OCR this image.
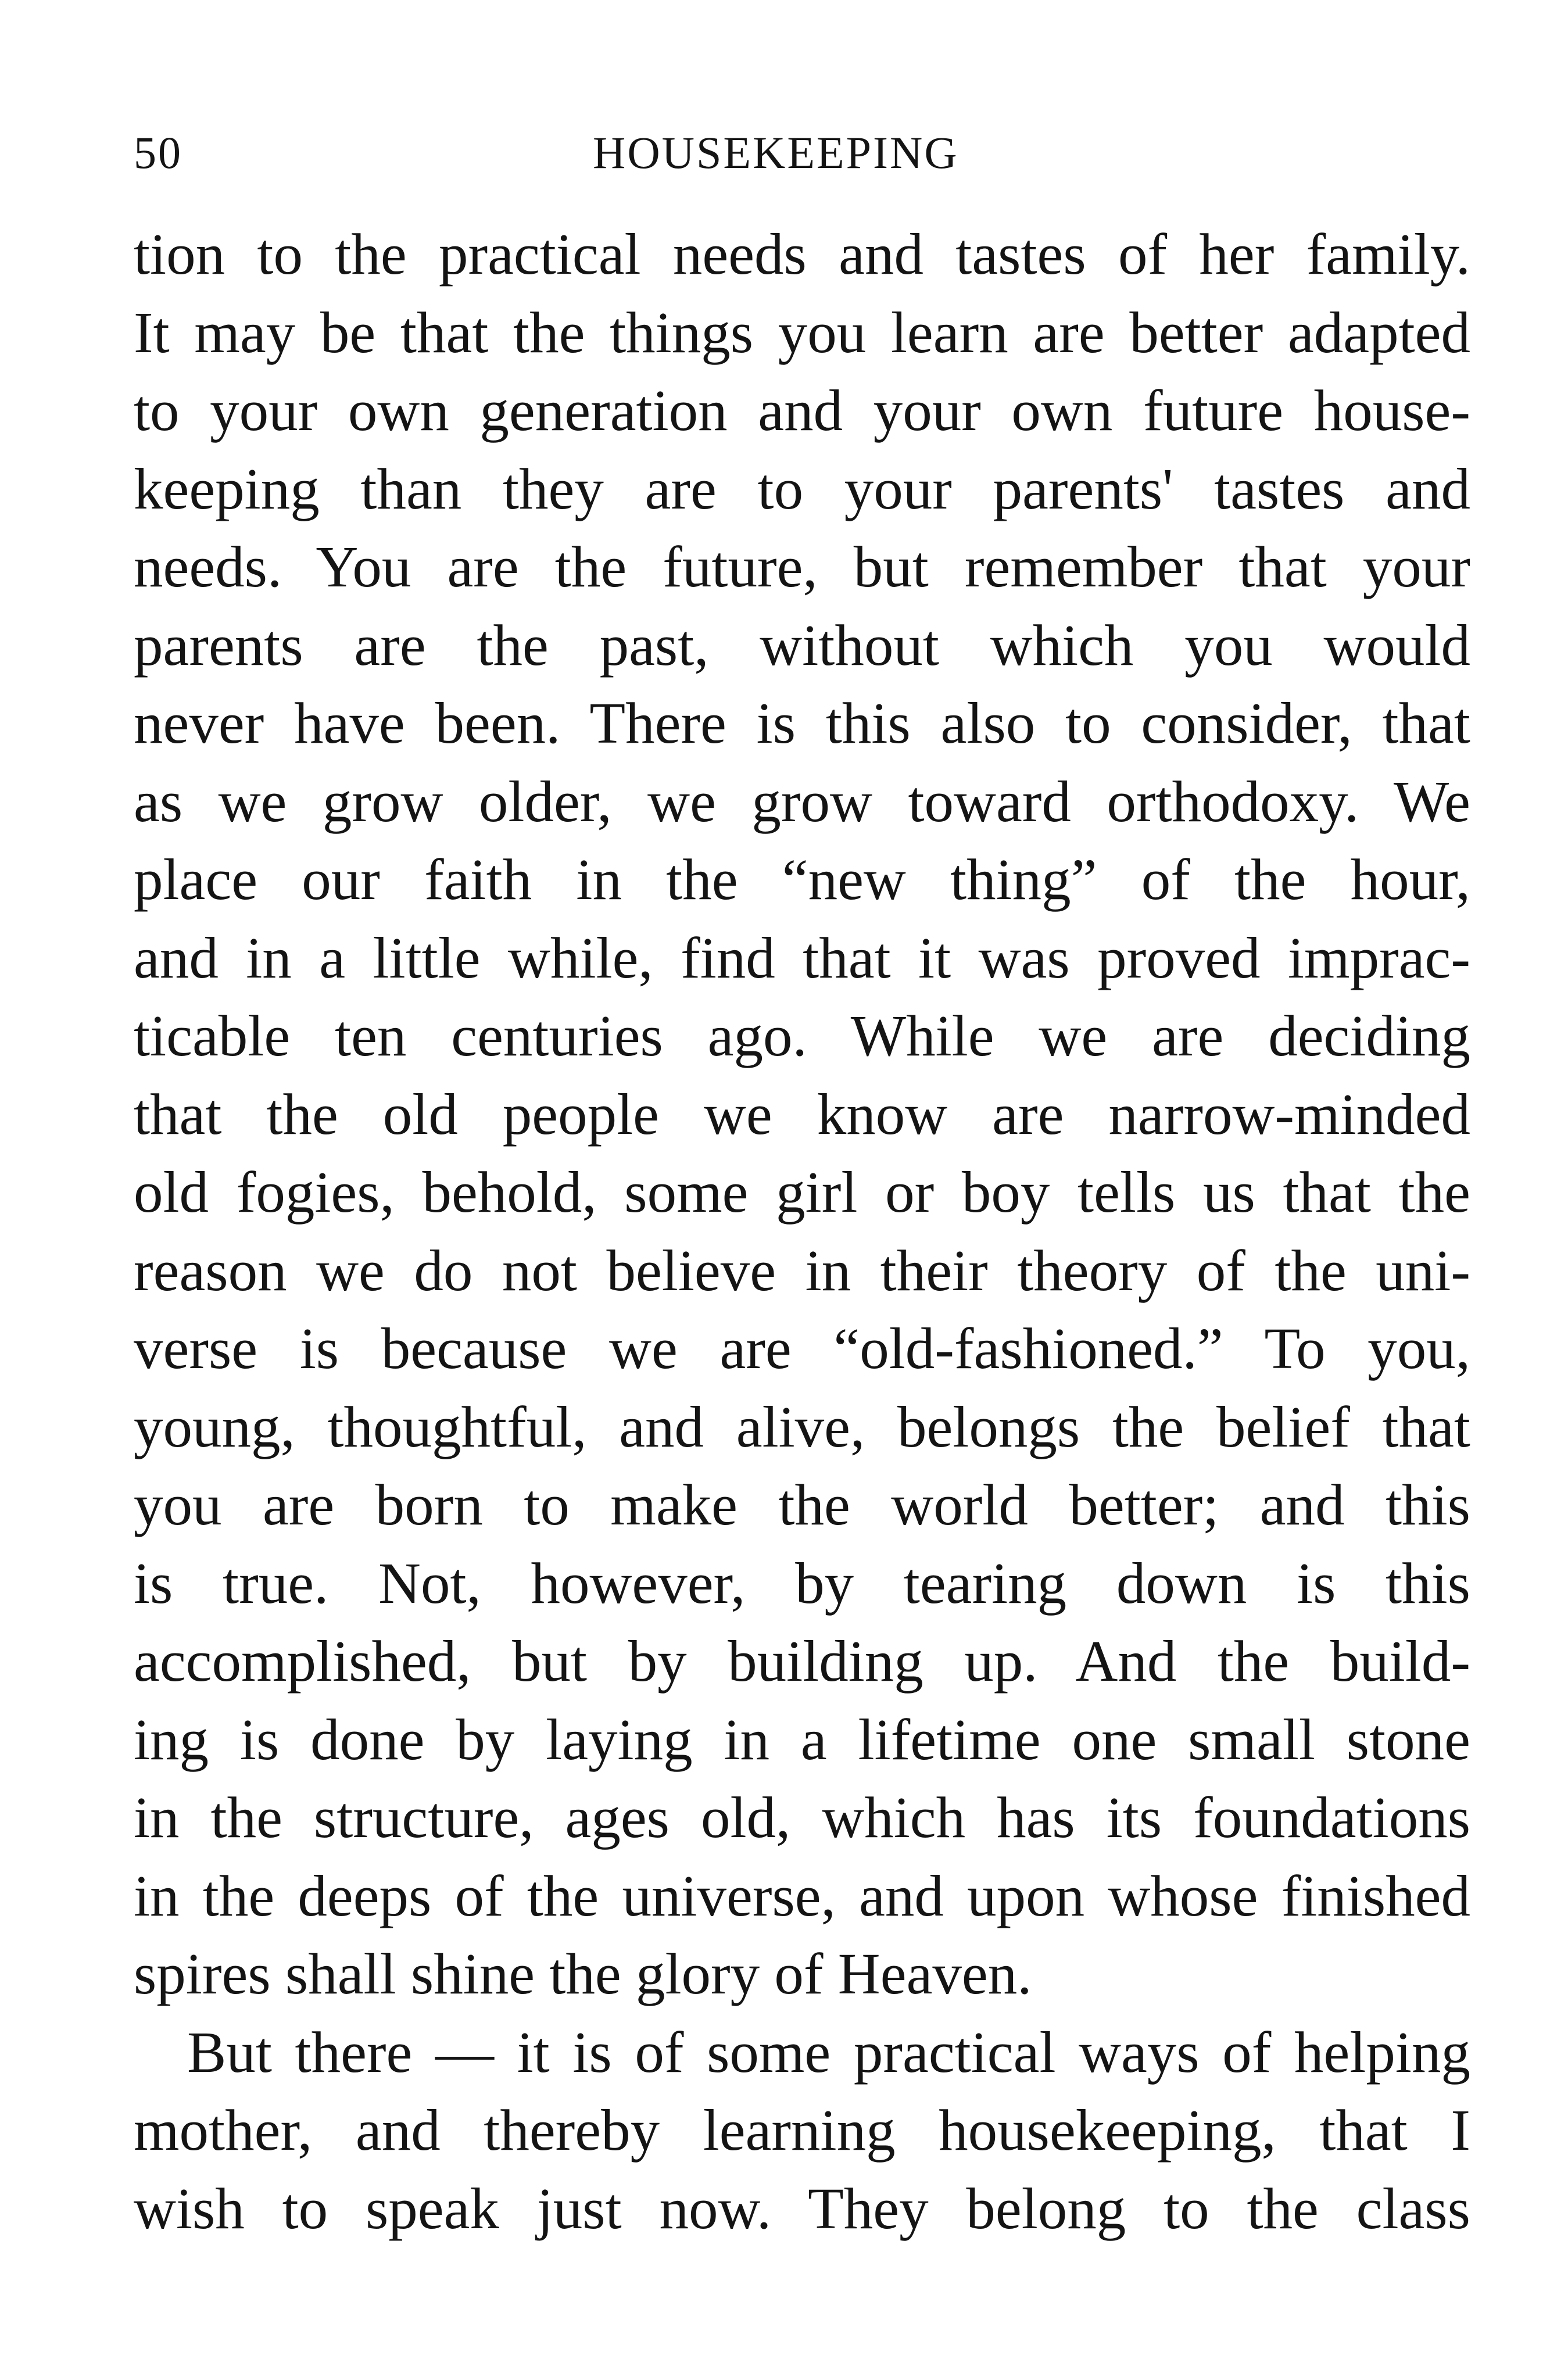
50	HOUSEKEEPING
tion to the practical needs and tastes of her family.
It may be that the things you learn are better adapted
to your own generation and your own future house-
keeping than they are to your parents' tastes and
needs. You are the future, but remember that your
parents are the past, without which you would
never have been. There is this also to consider, that
as we grow older, we grow toward orthodoxy. We
place our faith in the “new thing” of the hour,
and in a little while, find that it was proved imprac-
ticable ten centuries ago. While we are deciding
that the old people we know are narrow-minded
old fogies, behold, some girl or boy tells us that the
reason we do not believe in their theory of the uni-
verse is because we are “old-fashioned.” To you,
young, thoughtful, and alive, belongs the belief that
you are born to make the world better; and this
is true. Not, however, by tearing down is this
accomplished, but by building up. And the build-
ing is done by laying in a lifetime one small stone
in the structure, ages old, which has its foundations
in the deeps of the universe, and upon whose finished
spires shall shine the glory of Heaven.
But there — it is of some practical ways of helping
mother, and thereby learning housekeeping, that I
wish to speak just now. They belong to the class
